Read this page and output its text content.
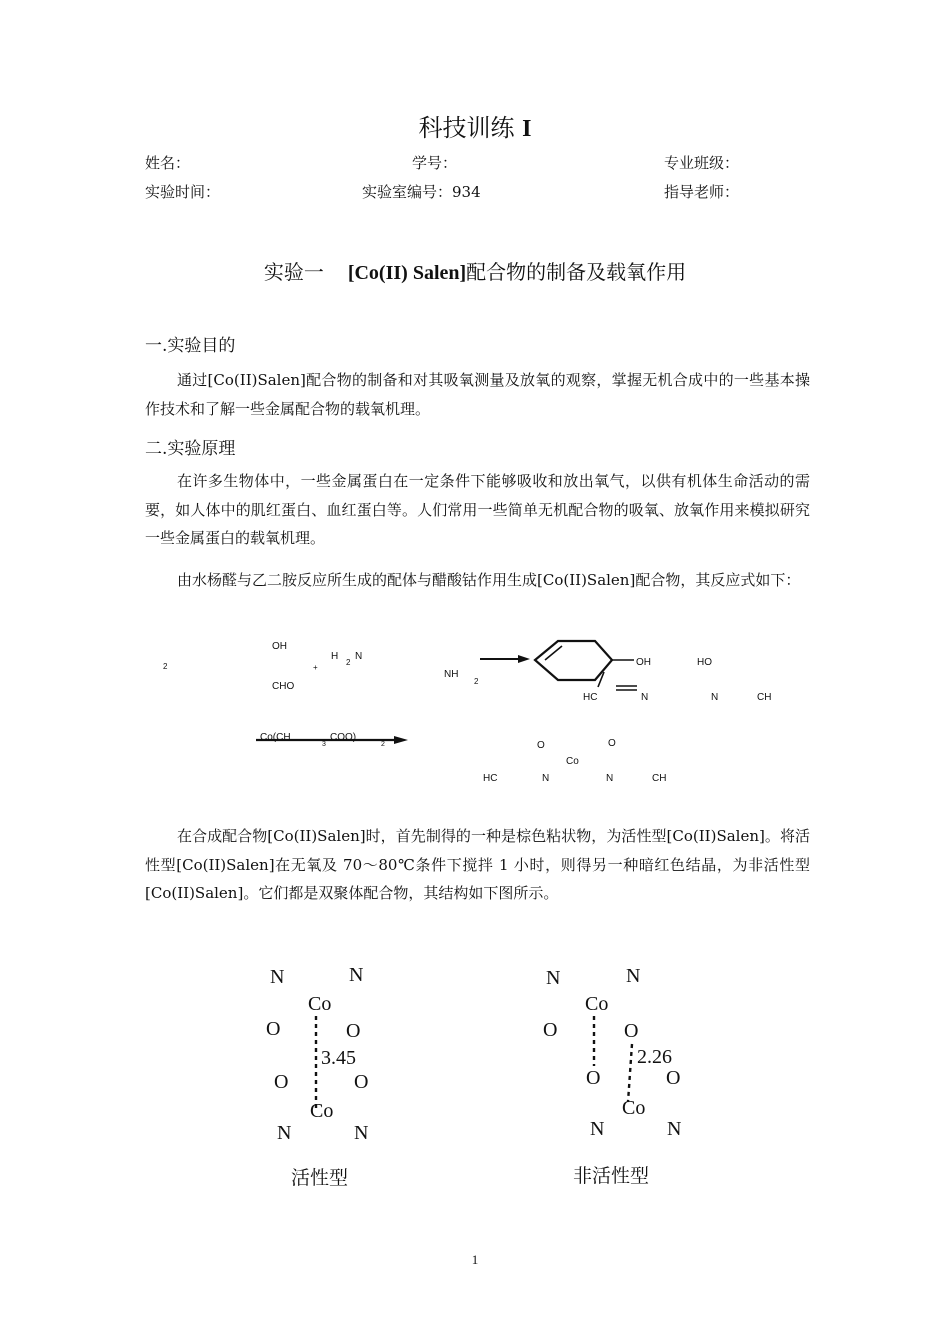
科技训练 I
姓名：	学号：	专业班级：
实验时间：	实验室编号：934	指导老师：
实验一 [Co(II) Salen]配合物的制备及载氧作用
一.实验目的
通过[Co(II)Salen]配合物的制备和对其吸氧测量及放氧的观察，掌握无机合成中的一些基本操作技术和了解一些金属配合物的载氧机理。
二.实验原理
在许多生物体中，一些金属蛋白在一定条件下能够吸收和放出氧气，以供有机体生命活动的需要，如人体中的肌红蛋白、血红蛋白等。人们常用一些简单无机配合物的吸氧、放氧作用来模拟研究一些金属蛋白的载氧机理。
由水杨醛与乙二胺反应所生成的配体与醋酸钴作用生成[Co(II)Salen]配合物，其反应式如下：
2
OH
CHO
+
H
2
N
NH
2
OH	HO
HC	N	N	CH
Co(CH
3
COO)
2	O	O
Co
HC	N	N	CH
在合成配合物[Co(II)Salen]时，首先制得的一种是棕色粘状物，为活性型[Co(II)Salen]。将活性型[Co(II)Salen]在无氧及 70～80℃条件下搅拌 1 小时，则得另一种暗红色结晶，为非活性型[Co(II)Salen]。它们都是双聚体配合物，其结构如下图所示。
N	N
Co
O	O
3.45
O	O
Co
N	N
活性型
N	N
Co
O	O
2.26
O	O
Co
N	N
非活性型
1
